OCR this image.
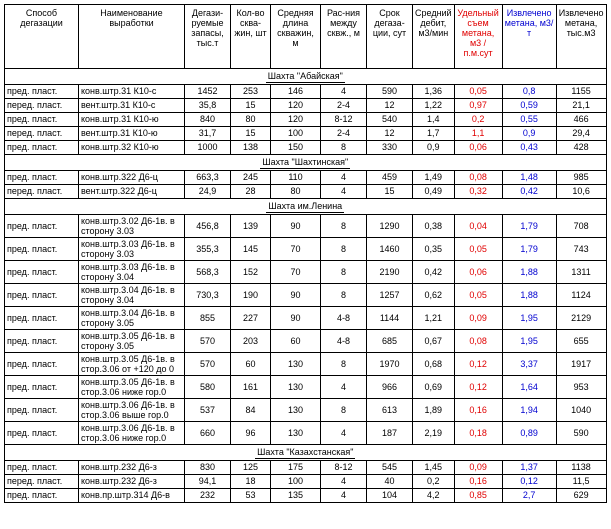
Способ дегазации	Наименование выработки	Дегази-руемые запасы, тыс.т	Кол-во сква-жин, шт	Средняя длина скважин, м	Рас-ния между сквж., м	Срок дегаза-ции, сут	Средний дебит, м3/мин	Удельный съем метана, м3 /п.м.сут	Извлечено метана, м3/т	Извлечено метана, тыс.м3
Шахта "Абайская"										
пред. пласт.	конв.штр.31 К10-с	1452	253	146	4	590	1,36	0,05	0,8	1155
перед. пласт.	вент.штр.31 К10-с	35,8	15	120	2-4	12	1,22	0,97	0,59	21,1
пред. пласт.	конв.штр.31 К10-ю	840	80	120	8-12	540	1,4	0,2	0,55	466
перед. пласт.	вент.штр.31 К10-ю	31,7	15	100	2-4	12	1,7	1,1	0,9	29,4
пред. пласт.	конв.штр.32 К10-ю	1000	138	150	8	330	0,9	0,06	0,43	428
Шахта "Шахтинская"										
пред. пласт.	конв.штр.322 Д6-ц	663,3	245	110	4	459	1,49	0,08	1,48	985
перед. пласт.	вент.штр.322 Д6-ц	24,9	28	80	4	15	0,49	0,32	0,42	10,6
Шахта им.Ленина										
пред. пласт.	конв.штр.3.02 Д6-1в. в сторону 3.03	456,8	139	90	8	1290	0,38	0,04	1,79	708
пред. пласт.	конв.штр.3.03 Д6-1в. в сторону 3.03	355,3	145	70	8	1460	0,35	0,05	1,79	743
пред. пласт.	конв.штр.3.03 Д6-1в. в сторону 3.04	568,3	152	70	8	2190	0,42	0,06	1,88	1311
пред. пласт.	конв.штр.3.04 Д6-1в. в сторону 3.04	730,3	190	90	8	1257	0,62	0,05	1,88	1124
пред. пласт.	конв.штр.3.04 Д6-1в. в сторону 3.05	855	227	90	4-8	1144	1,21	0,09	1,95	2129
пред. пласт.	конв.штр.3.05 Д6-1в. в сторону 3.05	570	203	60	4-8	685	0,67	0,08	1,95	655
пред. пласт.	конв.штр.3.05 Д6-1в. в стор.3.06 от +120 до 0	570	60	130	8	1970	0,68	0,12	3,37	1917
пред. пласт.	конв.штр.3.05 Д6-1в. в стор.3.06 ниже гор.0	580	161	130	4	966	0,69	0,12	1,64	953
пред. пласт.	конв.штр.3.06 Д6-1в. в стор.3.06 выше гор.0	537	84	130	8	613	1,89	0,16	1,94	1040
пред. пласт.	конв.штр.3.06 Д6-1в. в стор.3.06 ниже гор.0	660	96	130	4	187	2,19	0,18	0,89	590
Шахта "Казахстанская"										
пред. пласт.	конв.штр.232 Д6-з	830	125	175	8-12	545	1,45	0,09	1,37	1138
перед. пласт.	конв.штр.232 Д6-з	94,1	18	100	4	40	0,2	0,16	0,12	11,5
пред. пласт.	конв.пр.штр.314 Д6-в	232	53	135	4	104	4,2	0,85	2,7	629
